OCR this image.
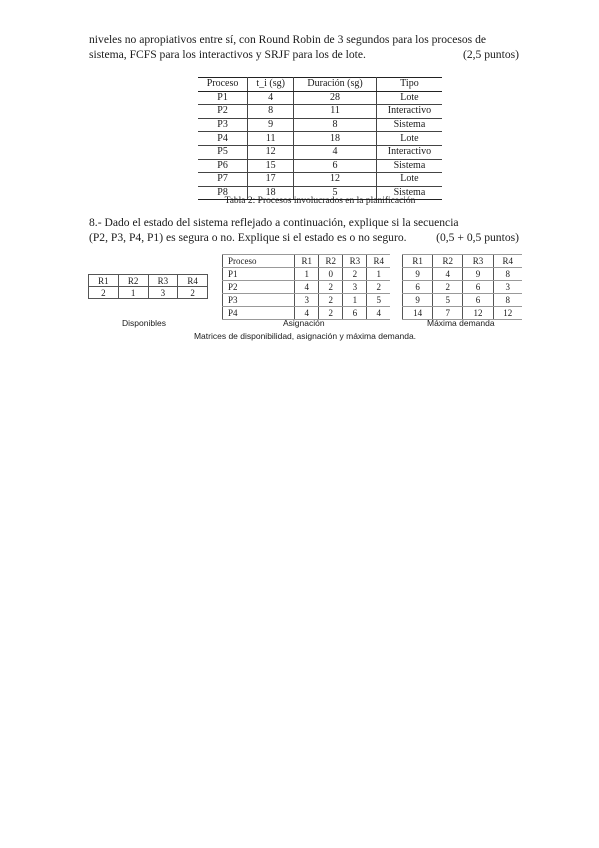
niveles no apropiativos entre sí, con Round Robin de 3 segundos para los procesos de
sistema, FCFS para los interactivos y SRJF para los de lote.	(2,5 puntos)
Proceso	t_i (sg)	Duración (sg)	Tipo
P1	4	28	Lote
P2	8	11	Interactivo
P3	9	8	Sistema
P4	11	18	Lote
P5	12	4	Interactivo
P6	15	6	Sistema
P7	17	12	Lote
P8	18	5	Sistema
Tabla 2: Procesos involucrados en la planificación
8.- Dado el estado del sistema reflejado a continuación, explique si la secuencia
(P2, P3, P4, P1) es segura o no. Explique si el estado es o no seguro.	(0,5 + 0,5 puntos)
R1	R2	R3	R4
2	1	3	2
Disponibles
Proceso	R1	R2	R3	R4
P1	1	0	2	1
P2	4	2	3	2
P3	3	2	1	5
P4	4	2	6	4
Asignación
R1	R2	R3	R4
9	4	9	8
6	2	6	3
9	5	6	8
14	7	12	12
Máxima demanda
Matrices de disponibilidad, asignación y máxima demanda.
